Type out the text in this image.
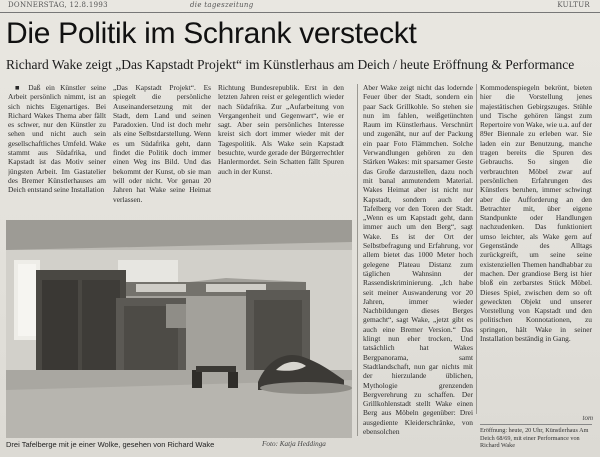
DONNERSTAG, 12.8.1993	die tageszeitung	KULTUR
Die Politik im Schrank versteckt
Richard Wake zeigt „Das Kapstadt Projekt“ im Künstlerhaus am Deich / heute Eröffnung & Performance

■ Daß ein Künstler seine Arbeit persönlich nimmt, ist an sich nichts Eigenartiges. Bei Richard Wakes Thema aber fällt es schwer, nur den Künstler zu sehen und nicht auch sein gesellschaftliches Umfeld. Wake stammt aus Südafrika, und Kapstadt ist das Motiv seiner jüngsten Arbeit. Im Gastatelier des Bremer Künstlerhauses am Deich entstand seine Installation

„Das Kapstadt Projekt“. Es spiegelt die persönliche Auseinandersetzung mit der Stadt, dem Land und seinen Paradoxien. Und ist doch mehr als eine Selbstdarstellung. Wenn es um Südafrika geht, dann findet die Politik doch immer einen Weg ins Bild. Und das bekommt der Kunst, ob sie man will oder nicht. Vor genau 20 Jahren hat Wake seine Heimat verlassen.

Richtung Bundesrepublik. Erst in den letzten Jahren reist er gelegentlich wieder nach Südafrika. Zur „Aufarbeitung von Vergangenheit und Gegenwart“, wie er sagt. Aber sein persönliches Interesse kreist sich dort immer wieder mit der Tagespolitik. Als Wake sein Kapstadt besuchte, wurde gerade der Bürgerrechtler Hanlermordet. Sein Schatten fällt Spuren auch in der Kunst.

Aber Wake zeigt nicht das lodernde Feuer über der Stadt, sondern ein paar Sack Grillkohle. So stehen sie nun im fahlen, weißgetünchten Raum im Künstlerhaus. Verschnürt und zugenäht, nur auf der Packung ein paar Foto Flämmchen. Solche Verwandlungen gehören zu den Stärken Wakes: mit sparsamer Geste das Große darzustellen, dazu noch mit banal anmutendem Material. Wakes Heimat aber ist nicht nur Kapstadt, sondern auch der Tafelberg vor den Toren der Stadt. „Wenn es um Kapstadt geht, dann immer auch um den Berg“, sagt Wake. Es ist der Ort der Selbstbefragung und Erfahrung, vor allem bietet das 1000 Meter hoch gelegene Plateau Distanz zum täglichen Wahnsinn der Rassendiskriminierung. „Ich habe seit meiner Auswanderung vor 20 Jahren, immer wieder Nachbildungen dieses Berges gemacht“, sagt Wake, „jetzt gibt es auch eine Bremer Version.“ Das klingt nun eher trocken, Und tatsächlich hat Wakes Bergpanorama, samt Stadtlandschaft, nun gar nichts mit der hierzulande üblichen, Mythologie grenzenden Bergverehrung zu schaffen. Der Grillkohlenstadt stellt Wake einen Berg aus Möbeln gegenüber: Drei ausgediente Kleiderschränke, von ebensolchen

Kommodenspiegeln bekrönt, bieten hier die Vorstellung jenes majestätischen Gebirgszuges. Stühle und Tische gehören längst zum Repertoire von Wake, wie u.a. auf der 89er Biennale zu erleben war. Sie laden ein zur Benutzung, manche tragen bereits die Spuren des Gebrauchs. So singen die verbrauchten Möbel zwar auf persönlichen Erfahrungen des Künstlers beruhen, immer schwingt aber die Aufforderung an den Betrachter mit, über eigene Standpunkte oder Handlungen nachzudenken. Das funktioniert umso leichter, als Wake gern auf Gegenstände des Alltags zurückgreift, um seine seine existenziellen Themen handhabbar zu machen. Der grandiose Berg ist hier bloß ein zerbarstes Stück Möbel. Dieses Spiel, zwischen dem so oft geweckten Objekt und unserer Vorstellung von Kapstadt und den politischen Konnotationen, zu springen, hält Wake in seiner Installation beständig in Gang.

Drei Tafelberge mit je einer Wolke, gesehen von Richard Wake	Foto: Katja Heddinga
tom

Eröffnung: heute, 20 Uhr, Künstlerhaus Am Deich 68/69, mit einer Performance von Richard Wake
